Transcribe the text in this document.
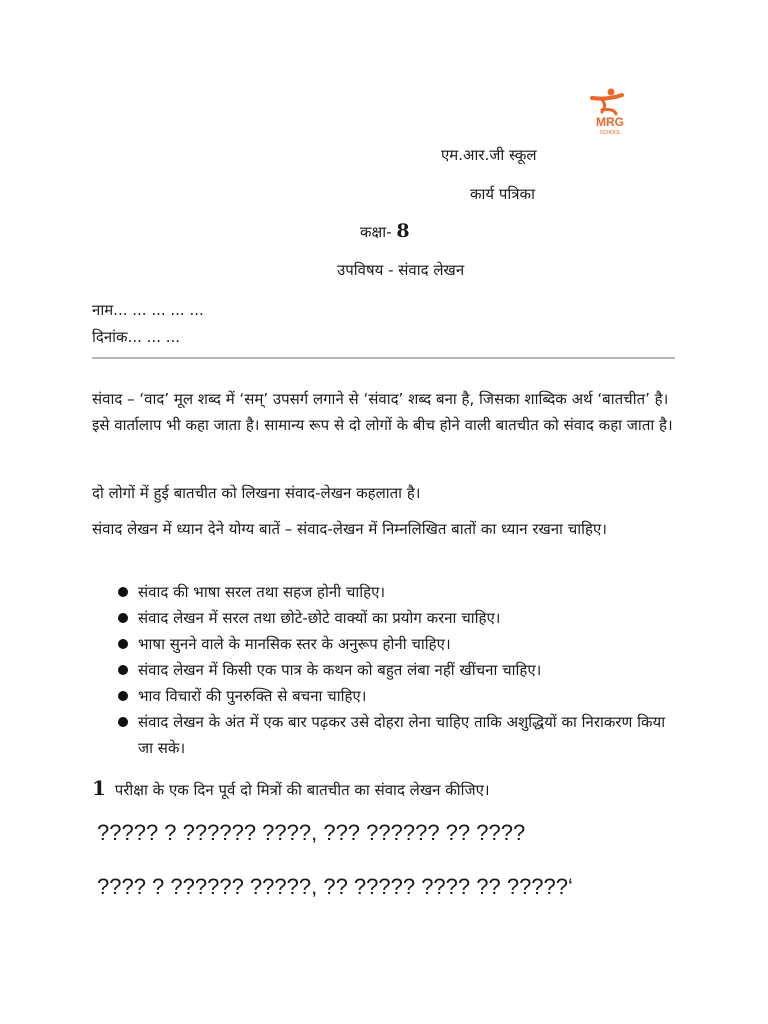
MRG
SCHOOL
एम.आर.जी स्कूल
कार्य पत्रिका
कक्षा- 8
उपविषय - संवाद लेखन
नाम... ... ... ... ...
दिनांक... ... ...
संवाद – ‘वाद’ मूल शब्द में ‘सम्’ उपसर्ग लगाने से ‘संवाद’ शब्द बना है, जिसका शाब्दिक अर्थ ‘बातचीत’ है। इसे वार्तालाप भी कहा जाता है। सामान्य रूप से दो लोगों के बीच होने वाली बातचीत को संवाद कहा जाता है।
दो लोगों में हुई बातचीत को लिखना संवाद-लेखन कहलाता है।
संवाद लेखन में ध्यान देने योग्य बातें – संवाद-लेखन में निम्नलिखित बातों का ध्यान रखना चाहिए।
संवाद की भाषा सरल तथा सहज होनी चाहिए।
संवाद लेखन में सरल तथा छोटे-छोटे वाक्यों का प्रयोग करना चाहिए।
भाषा सुनने वाले के मानसिक स्तर के अनुरूप होनी चाहिए।
संवाद लेखन में किसी एक पात्र के कथन को बहुत लंबा नहीं खींचना चाहिए।
भाव विचारों की पुनरुक्ति से बचना चाहिए।
संवाद लेखन के अंत में एक बार पढ़कर उसे दोहरा लेना चाहिए ताकि अशुद्धियों का निराकरण किया जा सके।
1 परीक्षा के एक दिन पूर्व दो मित्रों की बातचीत का संवाद लेखन कीजिए।
????? ? ?????? ????, ??? ?????? ?? ????
???? ? ?????? ?????, ?? ????? ???? ?? ?????‘
